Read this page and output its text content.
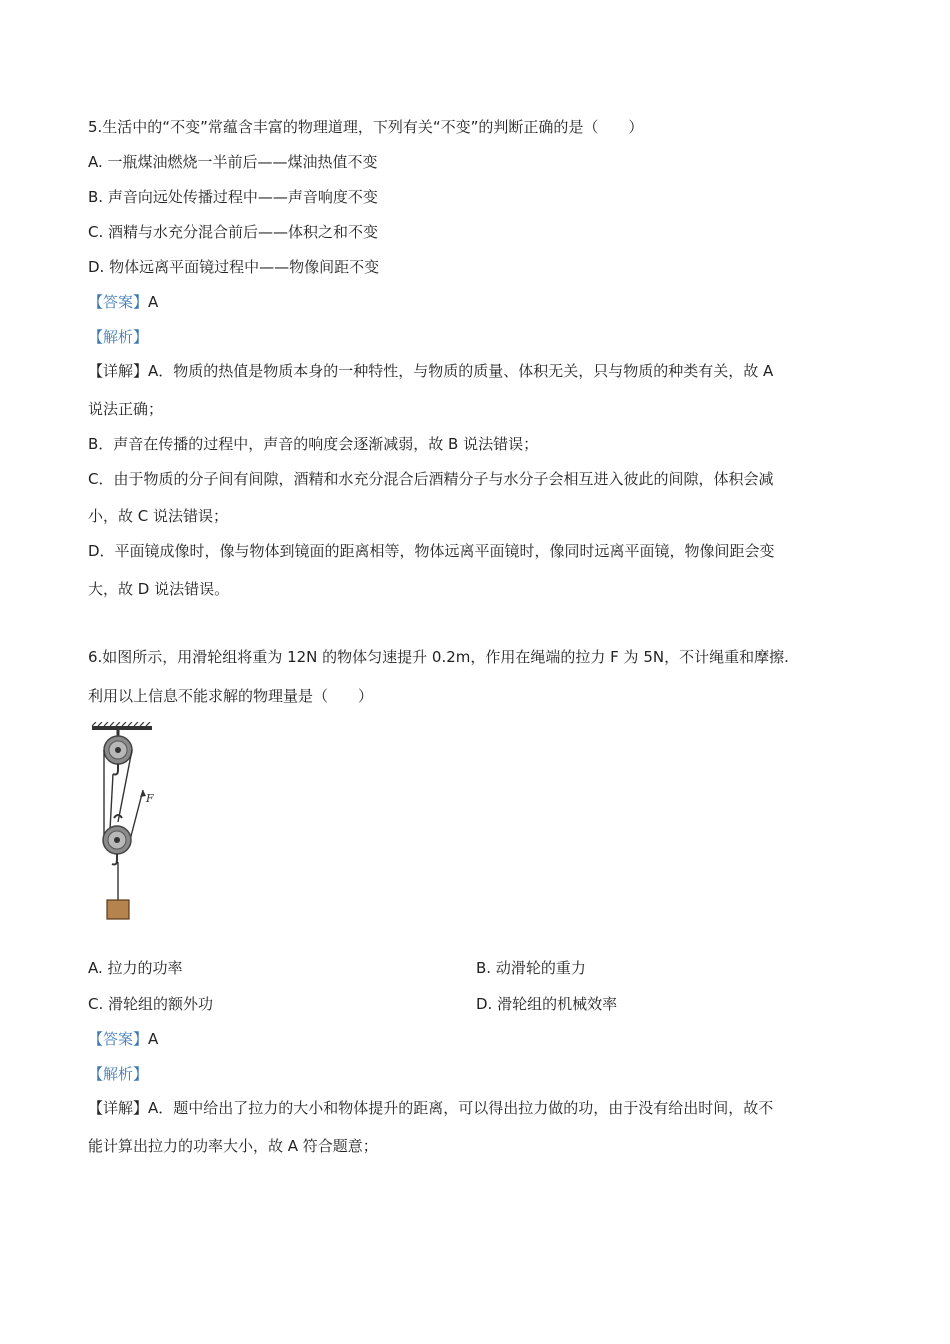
5.生活中的“不变”常蕴含丰富的物理道理，下列有关“不变”的判断正确的是（　　）
A. 一瓶煤油燃烧一半前后——煤油热值不变
B. 声音向远处传播过程中——声音响度不变
C. 酒精与水充分混合前后——体积之和不变
D. 物体远离平面镜过程中——物像间距不变
【答案】A
【解析】
【详解】A．物质的热值是物质本身的一种特性，与物质的质量、体积无关，只与物质的种类有关，故 A
说法正确；
B．声音在传播的过程中，声音的响度会逐渐减弱，故 B 说法错误；
C．由于物质的分子间有间隙，酒精和水充分混合后酒精分子与水分子会相互进入彼此的间隙，体积会减
小，故 C 说法错误；
D．平面镜成像时，像与物体到镜面的距离相等，物体远离平面镜时，像同时远离平面镜，物像间距会变
大，故 D 说法错误。
6.如图所示，用滑轮组将重为 12N 的物体匀速提升 0.2m，作用在绳端的拉力 F 为 5N，不计绳重和摩擦.
利用以上信息不能求解的物理量是（　　）
F
A. 拉力的功率	B. 动滑轮的重力
C. 滑轮组的额外功	D. 滑轮组的机械效率
【答案】A
【解析】
【详解】A．题中给出了拉力的大小和物体提升的距离，可以得出拉力做的功，由于没有给出时间，故不
能计算出拉力的功率大小，故 A 符合题意；
